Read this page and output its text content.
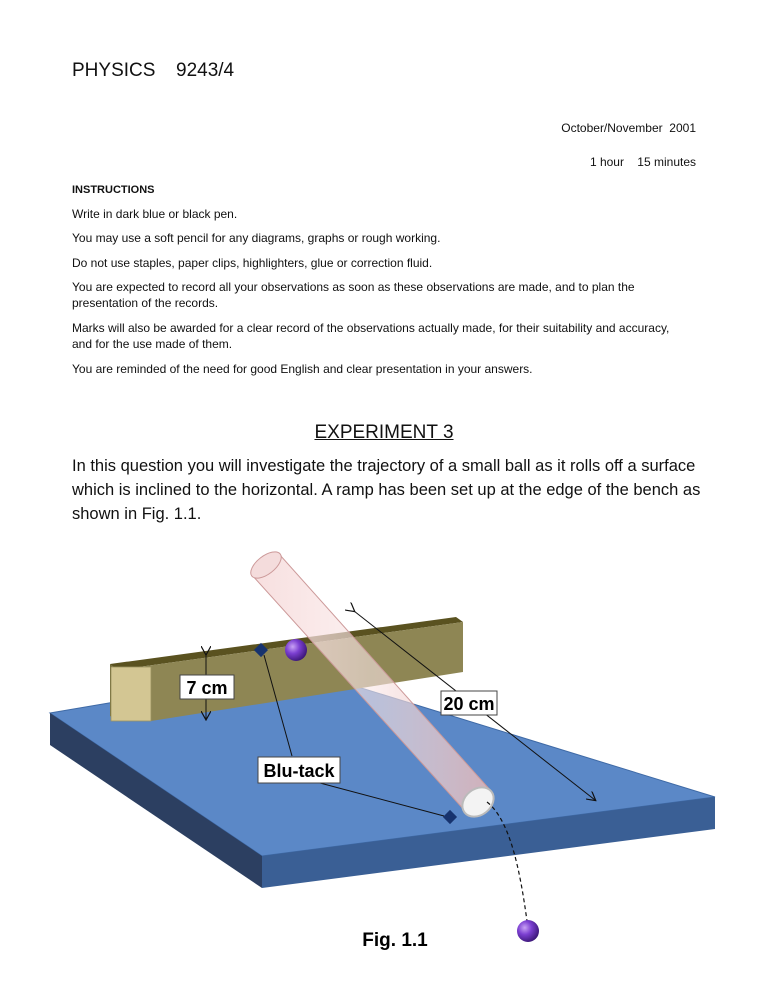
PHYSICS 9243/4
October/November  2001
1 hour    15 minutes
INSTRUCTIONS
Write in dark blue or black pen.
You may use a soft pencil for any diagrams, graphs or rough working.
Do not use staples, paper clips, highlighters, glue or correction fluid.
You are expected to record all your observations as soon as these observations are made, and to plan the presentation of the records.
Marks will also be awarded for a clear record of the observations actually made, for their suitability and accuracy, and for the use made of them.
You are reminded of the need for good English and clear presentation in your answers.
EXPERIMENT 3
In this question you will investigate the trajectory of a small ball as it rolls off a surface which is inclined to the horizontal. A ramp has been set up at the edge of the bench as shown in Fig. 1.1.
7 cm
20 cm
Blu-tack
Fig. 1.1
